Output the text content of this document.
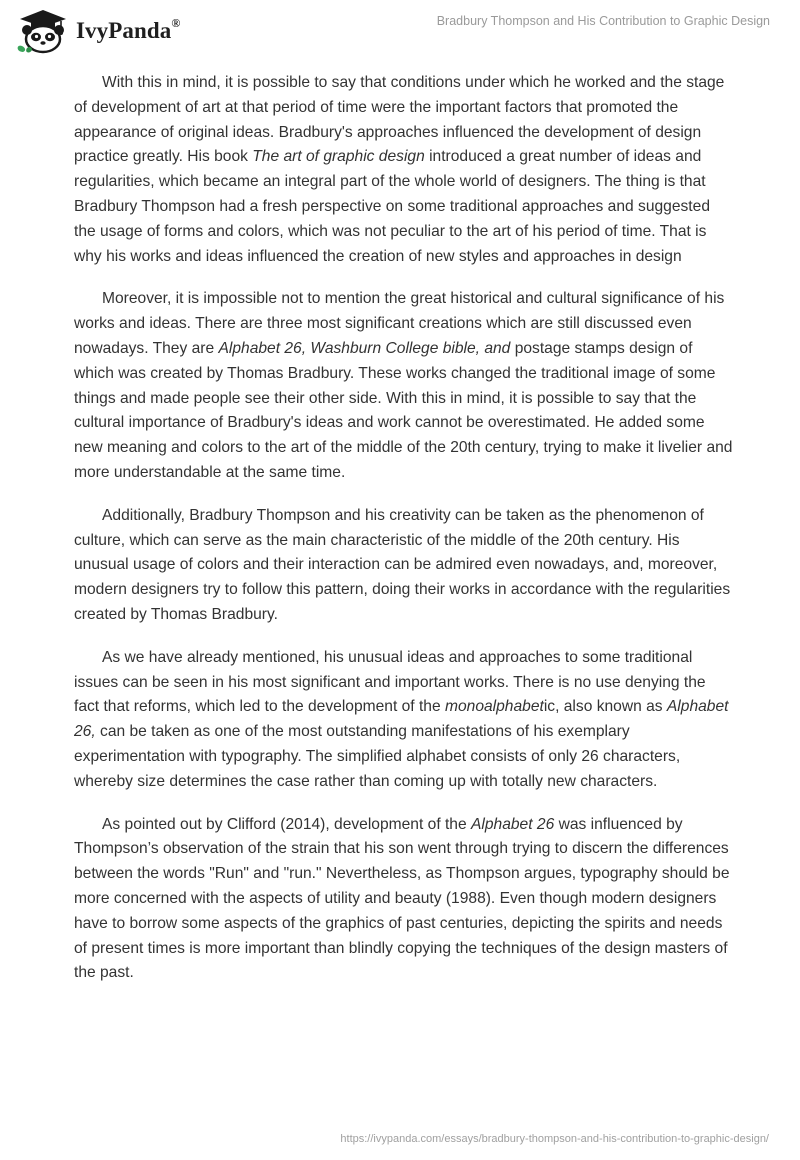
IvyPanda®	Bradbury Thompson and His Contribution to Graphic Design

With this in mind, it is possible to say that conditions under which he worked and the stage of development of art at that period of time were the important factors that promoted the appearance of original ideas. Bradbury's approaches influenced the development of design practice greatly. His book The art of graphic design introduced a great number of ideas and regularities, which became an integral part of the whole world of designers. The thing is that Bradbury Thompson had a fresh perspective on some traditional approaches and suggested the usage of forms and colors, which was not peculiar to the art of his period of time. That is why his works and ideas influenced the creation of new styles and approaches in design

Moreover, it is impossible not to mention the great historical and cultural significance of his works and ideas. There are three most significant creations which are still discussed even nowadays. They are Alphabet 26, Washburn College bible, and postage stamps design of which was created by Thomas Bradbury. These works changed the traditional image of some things and made people see their other side. With this in mind, it is possible to say that the cultural importance of Bradbury's ideas and work cannot be overestimated. He added some new meaning and colors to the art of the middle of the 20th century, trying to make it livelier and more understandable at the same time.

Additionally, Bradbury Thompson and his creativity can be taken as the phenomenon of culture, which can serve as the main characteristic of the middle of the 20th century. His unusual usage of colors and their interaction can be admired even nowadays, and, moreover, modern designers try to follow this pattern, doing their works in accordance with the regularities created by Thomas Bradbury.

As we have already mentioned, his unusual ideas and approaches to some traditional issues can be seen in his most significant and important works. There is no use denying the fact that reforms, which led to the development of the monoalphabetic, also known as Alphabet 26, can be taken as one of the most outstanding manifestations of his exemplary experimentation with typography. The simplified alphabet consists of only 26 characters, whereby size determines the case rather than coming up with totally new characters.

As pointed out by Clifford (2014), development of the Alphabet 26 was influenced by Thompson’s observation of the strain that his son went through trying to discern the differences between the words "Run" and "run." Nevertheless, as Thompson argues, typography should be more concerned with the aspects of utility and beauty (1988). Even though modern designers have to borrow some aspects of the graphics of past centuries, depicting the spirits and needs of present times is more important than blindly copying the techniques of the design masters of the past.

https://ivypanda.com/essays/bradbury-thompson-and-his-contribution-to-graphic-design/
